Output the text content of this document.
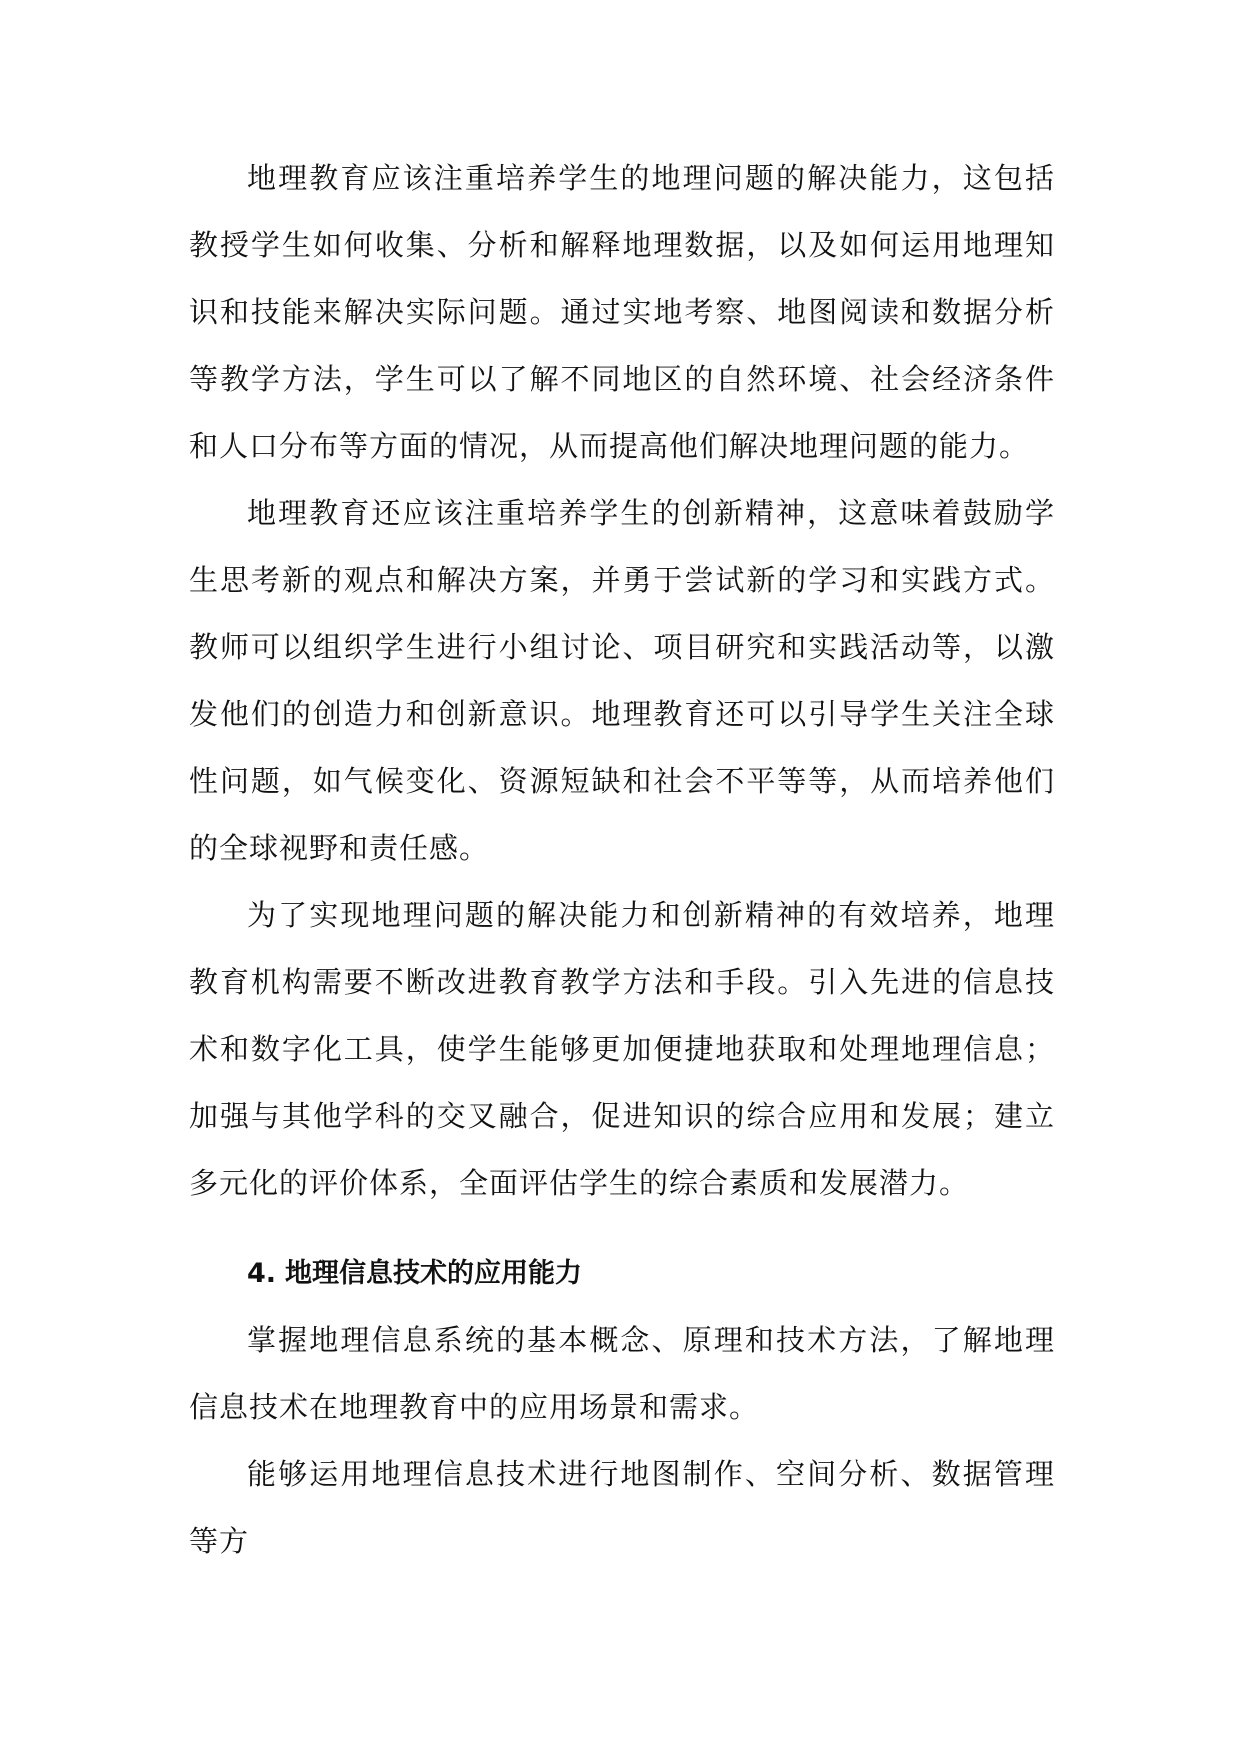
地理教育应该注重培养学生的地理问题的解决能力，这包括教授学生如何收集、分析和解释地理数据，以及如何运用地理知识和技能来解决实际问题。通过实地考察、地图阅读和数据分析等教学方法，学生可以了解不同地区的自然环境、社会经济条件和人口分布等方面的情况，从而提高他们解决地理问题的能力。

地理教育还应该注重培养学生的创新精神，这意味着鼓励学生思考新的观点和解决方案，并勇于尝试新的学习和实践方式。教师可以组织学生进行小组讨论、项目研究和实践活动等，以激发他们的创造力和创新意识。地理教育还可以引导学生关注全球性问题，如气候变化、资源短缺和社会不平等等，从而培养他们的全球视野和责任感。

为了实现地理问题的解决能力和创新精神的有效培养，地理教育机构需要不断改进教育教学方法和手段。引入先进的信息技术和数字化工具，使学生能够更加便捷地获取和处理地理信息；加强与其他学科的交叉融合，促进知识的综合应用和发展；建立多元化的评价体系，全面评估学生的综合素质和发展潜力。

4. 地理信息技术的应用能力

掌握地理信息系统的基本概念、原理和技术方法，了解地理信息技术在地理教育中的应用场景和需求。

能够运用地理信息技术进行地图制作、空间分析、数据管理等方
